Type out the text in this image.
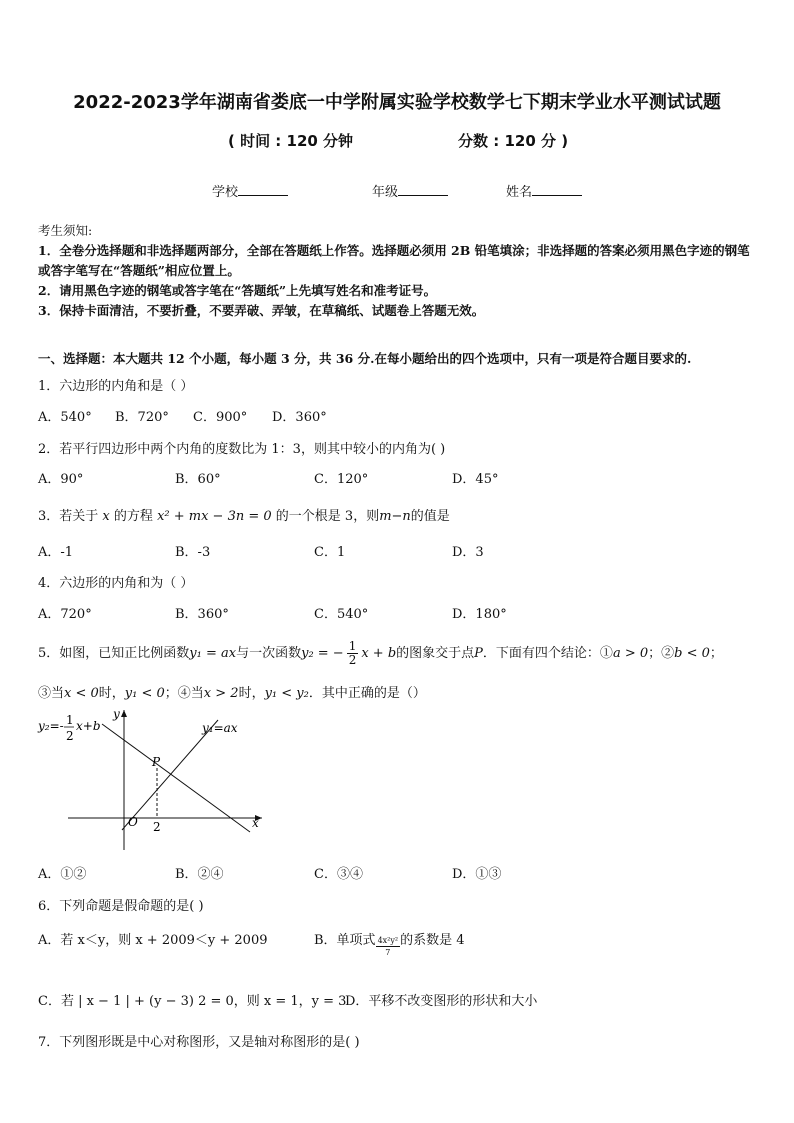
2022-2023学年湖南省娄底一中学附属实验学校数学七下期末学业水平测试试题
( 时间 : 120 分钟	分数 : 120 分 )
学校	年级	姓名
考生须知:
1．全卷分选择题和非选择题两部分，全部在答题纸上作答。选择题必须用 2B 铅笔填涂；非选择题的答案必须用黑色字迹的钢笔或答字笔写在“答题纸”相应位置上。
2．请用黑色字迹的钢笔或答字笔在“答题纸”上先填写姓名和准考证号。
3．保持卡面清洁，不要折叠，不要弄破、弄皱，在草稿纸、试题卷上答题无效。
一、选择题：本大题共 12 个小题，每小题 3 分，共 36 分.在每小题给出的四个选项中，只有一项是符合题目要求的.
1．六边形的内角和是（ ）
A．540° B．720° C．900° D．360°
2．若平行四边形中两个内角的度数比为 1：3，则其中较小的内角为( )
A．90°	B．60°	C．120°	D．45°
3．若关于 x 的方程 x² + mx − 3n = 0 的一个根是 3，则m−n的值是
A．-1	B．-3	C．1	D．3
4．六边形的内角和为（ ）
A．720°	B．360°	C．540°	D．180°
5．如图，已知正比例函数y₁ = ax与一次函数y₂ = − $\frac{1}{2}$ x + b的图象交于点P．下面有四个结论：①a > 0；②b < 0；
③当x < 0时，y₁ < 0；④当x > 2时，y₁ < y₂．其中正确的是（）
y₂=- 1
2
x+b	y₁=ax
y
x
O
P
2
A．①②	B．②④	C．③④	D．①③
6．下列命题是假命题的是( )
A．若 x＜y，则 x + 2009＜y + 2009	B．单项式 $\frac{\text{4x²y²}}{7}$ 的系数是 4
C．若 | x − 1 | + (y − 3) 2 = 0，则 x = 1，y = 3
D．平移不改变图形的形状和大小
7．下列图形既是中心对称图形，又是轴对称图形的是( )
